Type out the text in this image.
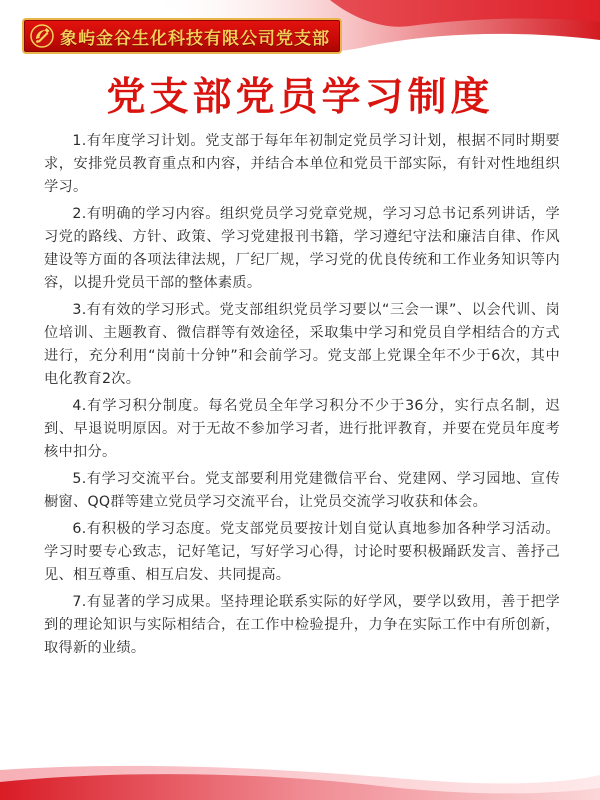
象屿金谷生化科技有限公司党支部
党支部党员学习制度

1.有年度学习计划。党支部于每年年初制定党员学习计划，根据不同时期要求，安排党员教育重点和内容，并结合本单位和党员干部实际，有针对性地组织学习。

2.有明确的学习内容。组织党员学习党章党规，学习习总书记系列讲话，学习党的路线、方针、政策、学习党建报刊书籍，学习遵纪守法和廉洁自律、作风建设等方面的各项法律法规，厂纪厂规，学习党的优良传统和工作业务知识等内容，以提升党员干部的整体素质。

3.有有效的学习形式。党支部组织党员学习要以“三会一课”、以会代训、岗位培训、主题教育、微信群等有效途径，采取集中学习和党员自学相结合的方式进行，充分利用“岗前十分钟”和会前学习。党支部上党课全年不少于6次，其中电化教育2次。

4.有学习积分制度。每名党员全年学习积分不少于36分，实行点名制，迟到、早退说明原因。对于无故不参加学习者，进行批评教育，并要在党员年度考核中扣分。

5.有学习交流平台。党支部要利用党建微信平台、党建网、学习园地、宣传橱窗、QQ群等建立党员学习交流平台，让党员交流学习收获和体会。

6.有积极的学习态度。党支部党员要按计划自觉认真地参加各种学习活动。学习时要专心致志，记好笔记，写好学习心得，讨论时要积极踊跃发言、善抒己见、相互尊重、相互启发、共同提高。

7.有显著的学习成果。坚持理论联系实际的好学风，要学以致用，善于把学到的理论知识与实际相结合，在工作中检验提升，力争在实际工作中有所创新，取得新的业绩。
